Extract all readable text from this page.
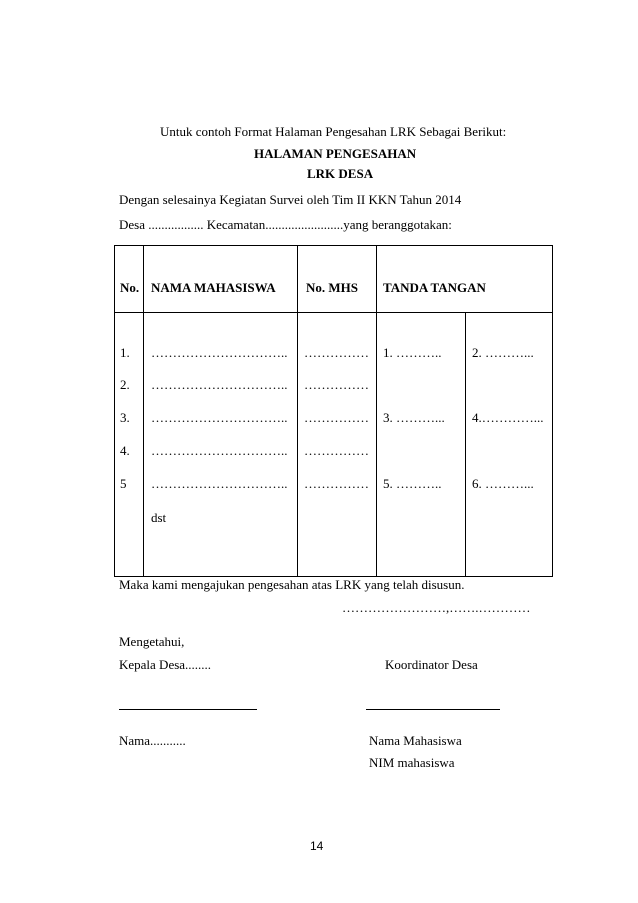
Untuk contoh Format Halaman Pengesahan LRK Sebagai Berikut:
HALAMAN PENGESAHAN
LRK DESA
Dengan selesainya Kegiatan Survei oleh Tim II KKN Tahun 2014
Desa ................. Kecamatan........................yang beranggotakan:
No. NAMA MAHASISWA No. MHS TANDA TANGAN
1. ………………………….. …………… 1. ……….. 2. ………...
2. ………………………….. ……………
3. ………………………….. …………… 3. ………... 4.…………...
4. ………………………….. ……………
5 ………………………….. …………… 5. ……….. 6. ………...
dst
Maka kami mengajukan pengesahan atas LRK yang telah disusun.
……………………,…….…………
Mengetahui,
Kepala Desa........	Koordinator Desa
Nama...........	Nama Mahasiswa
NIM mahasiswa
14
